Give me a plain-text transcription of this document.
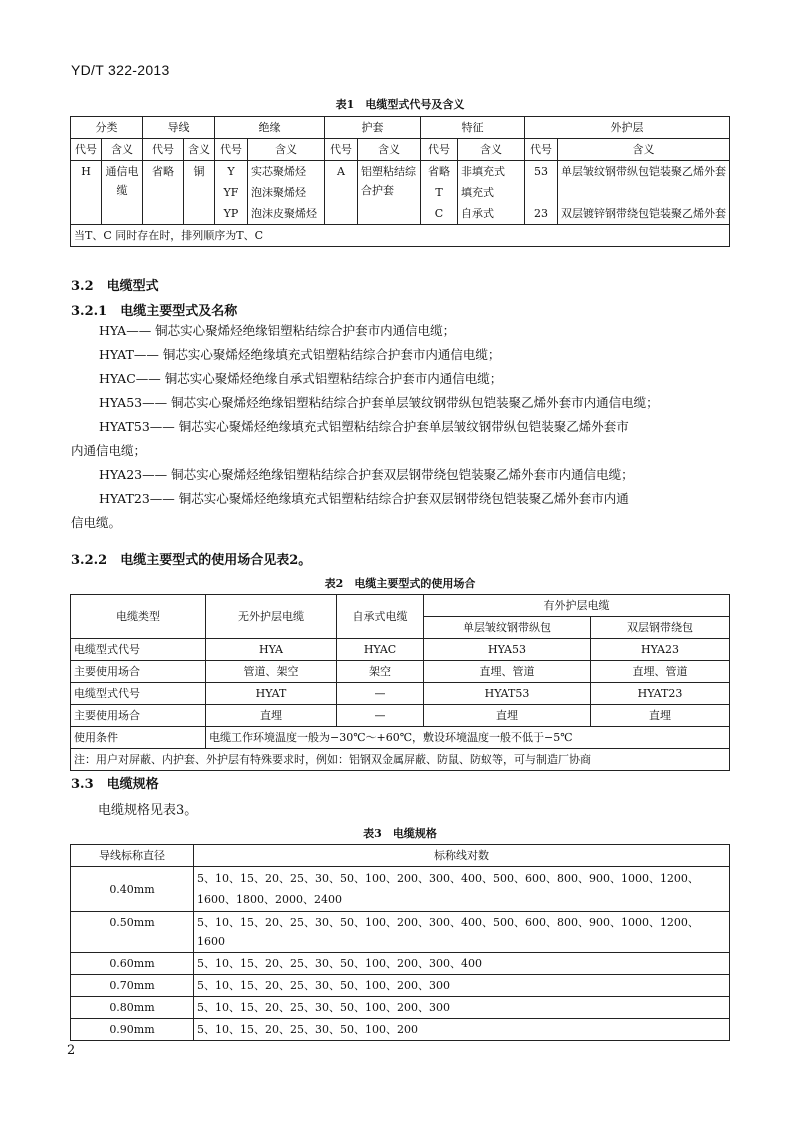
YD/T 322-2013
表1　电缆型式代号及含义
分类		导线		绝缘		护套		特征		外护层	
代号	含义	代号	含义	代号	含义	代号	含义	代号	含义	代号	含义
H	通信电缆	省略	铜	Y	实芯聚烯烃	A	铝塑粘结综合护套	省略	非填充式	53	单层皱纹钢带纵包铠装聚乙烯外套
				YF	泡沫聚烯烃			T	填充式		
				YP	泡沫皮聚烯烃			C	自承式	23	双层镀锌钢带绕包铠装聚乙烯外套
当T、C 同时存在时，排列顺序为T、C											
3.2　电缆型式
3.2.1　电缆主要型式及名称
HYA—— 铜芯实心聚烯烃绝缘铝塑粘结综合护套市内通信电缆；
HYAT—— 铜芯实心聚烯烃绝缘填充式铝塑粘结综合护套市内通信电缆；
HYAC—— 铜芯实心聚烯烃绝缘自承式铝塑粘结综合护套市内通信电缆；
HYA53—— 铜芯实心聚烯烃绝缘铝塑粘结综合护套单层皱纹钢带纵包铠装聚乙烯外套市内通信电缆；
HYAT53—— 铜芯实心聚烯烃绝缘填充式铝塑粘结综合护套单层皱纹钢带纵包铠装聚乙烯外套市
内通信电缆；
HYA23—— 铜芯实心聚烯烃绝缘铝塑粘结综合护套双层钢带绕包铠装聚乙烯外套市内通信电缆；
HYAT23—— 铜芯实心聚烯烃绝缘填充式铝塑粘结综合护套双层钢带绕包铠装聚乙烯外套市内通
信电缆。
3.2.2　电缆主要型式的使用场合见表2。
表2　电缆主要型式的使用场合
电缆类型	无外护层电缆	自承式电缆	有外护层电缆	
			单层皱纹钢带纵包	双层钢带绕包
电缆型式代号	HYA	HYAC	HYA53	HYA23
主要使用场合	管道、架空	架空	直埋、管道	直埋、管道
电缆型式代号	HYAT	—	HYAT53	HYAT23
主要使用场合	直埋	—	直埋	直埋
使用条件	电缆工作环境温度一般为−30℃～+60℃，敷设环境温度一般不低于−5℃			
注：用户对屏蔽、内护套、外护层有特殊要求时，例如：铝钢双金属屏蔽、防鼠、防蚁等，可与制造厂协商				
3.3　电缆规格
电缆规格见表3。
表3　电缆规格
导线标称直径	标称线对数
0.40mm	5、10、15、20、25、30、50、100、200、300、400、500、600、800、900、1000、1200、1600、1800、2000、2400
0.50mm	5、10、15、20、25、30、50、100、200、300、400、500、600、800、900、1000、1200、1600
0.60mm	5、10、15、20、25、30、50、100、200、300、400
0.70mm	5、10、15、20、25、30、50、100、200、300
0.80mm	5、10、15、20、25、30、50、100、200、300
0.90mm	5、10、15、20、25、30、50、100、200
2
